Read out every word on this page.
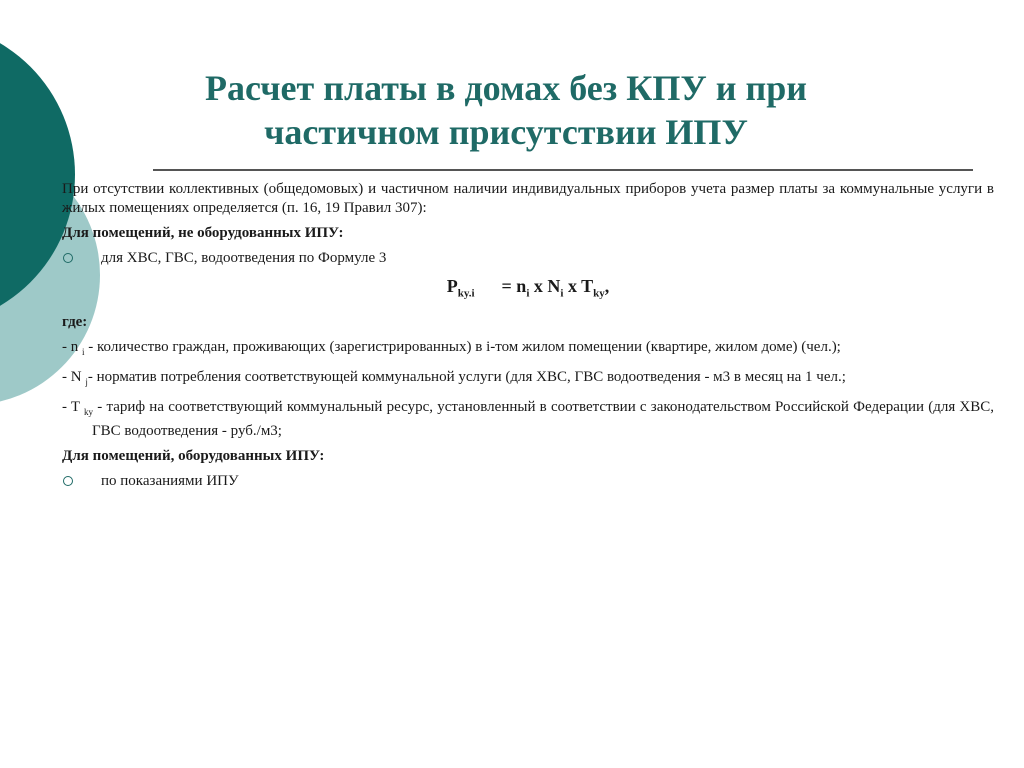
Расчет платы в домах без КПУ и при
частичном присутствии ИПУ

При отсутствии коллективных (общедомовых) и частичном наличии индивидуальных приборов учета размер платы за коммунальные услуги в жилых помещениях определяется (п. 16, 19 Правил 307):

Для помещений, не оборудованных ИПУ:

для ХВС, ГВС, водоотведения по Формуле 3
$P_{ky.i} = n_i$ x $N_i$ x $T_{ky}$,

где:

- n $_i$ - количество граждан, проживающих (зарегистрированных) в i-том жилом помещении (квартире, жилом доме) (чел.);

- N $_j$- норматив потребления соответствующей коммунальной услуги (для ХВС, ГВС водоотведения - м3 в месяц на 1 чел.;

- T $_{ky}$ - тариф на соответствующий коммунальный ресурс, установленный в соответствии с законодательством Российской Федерации (для ХВС, ГВС водоотведения - руб./м3;

Для помещений, оборудованных ИПУ:

по показаниями ИПУ
